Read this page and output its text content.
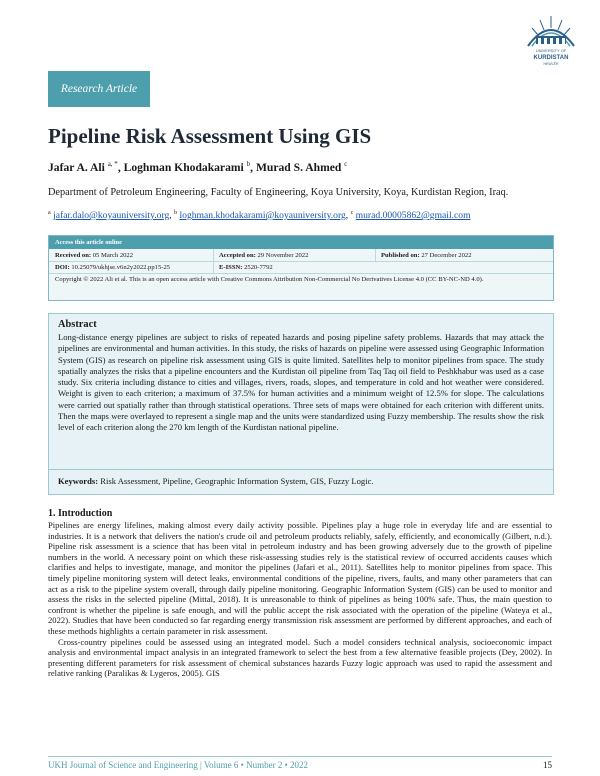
UNIVERSITY OF
KURDISTAN
HEWLÊR
Research Article
Pipeline Risk Assessment Using GIS
Jafar A. Ali $^{a, *}$, Loghman Khodakarami $^b$, Murad S. Ahmed $^c$
Department of Petroleum Engineering, Faculty of Engineering, Koya University, Koya, Kurdistan Region, Iraq.
$^a$ jafar.dalo@koyauniversity.org, $^b$ loghman.khodakarami@koyauniversity.org, $^c$ murad.00005862@gmail.com
Access this article online
Received on: 05 March 2022	Accepted on: 29 November 2022	Published on: 27 December 2022
DOI: 10.25079/ukhjse.v6n2y2022.pp15-25	E-ISSN: 2520-7792
Copyright © 2022 Ali et al. This is an open access article with Creative Commons Attribution Non-Commercial No Derivatives License 4.0 (CC BY-NC-ND 4.0).
Abstract
Long-distance energy pipelines are subject to risks of repeated hazards and posing pipeline safety problems. Hazards that may attack the pipelines are environmental and human activities. In this study, the risks of hazards on pipeline were assessed using Geographic Information System (GIS) as research on pipeline risk assessment using GIS is quite limited. Satellites help to monitor pipelines from space. The study spatially analyzes the risks that a pipeline encounters and the Kurdistan oil pipeline from Taq Taq oil field to Peshkhabur was used as a case study. Six criteria including distance to cities and villages, rivers, roads, slopes, and temperature in cold and hot weather were considered. Weight is given to each criterion; a maximum of 37.5% for human activities and a minimum weight of 12.5% for slope. The calculations were carried out spatially rather than through statistical operations. Three sets of maps were obtained for each criterion with different units. Then the maps were overlayed to represent a single map and the units were standardized using Fuzzy membership. The results show the risk level of each criterion along the 270 km length of the Kurdistan national pipeline.
Keywords: Risk Assessment, Pipeline, Geographic Information System, GIS, Fuzzy Logic.
1. Introduction

Pipelines are energy lifelines, making almost every daily activity possible. Pipelines play a huge role in everyday life and are essential to industries. It is a network that delivers the nation's crude oil and petroleum products reliably, safely, efficiently, and economically (Gilbert, n.d.). Pipeline risk assessment is a science that has been vital in petroleum industry and has been growing adversely due to the growth of pipeline numbers in the world. A necessary point on which these risk-assessing studies rely is the statistical review of occurred accidents causes which clarifies and helps to investigate, manage, and monitor the pipelines (Jafari et al., 2011). Satellites help to monitor pipelines from space. This timely pipeline monitoring system will detect leaks, environmental conditions of the pipeline, rivers, faults, and many other parameters that can act as a risk to the pipeline system overall, through daily pipeline monitoring. Geographic Information System (GIS) can be used to monitor and assess the risks in the selected pipeline (Mittal, 2018). It is unreasonable to think of pipelines as being 100% safe. Thus, the main question to confront is whether the pipeline is safe enough, and will the public accept the risk associated with the operation of the pipeline (Wateya et al., 2022). Studies that have been conducted so far regarding energy transmission risk assessment are performed by different approaches, and each of these methods highlights a certain parameter in risk assessment.

Cross-country pipelines could be assessed using an integrated model. Such a model considers technical analysis, socioeconomic impact analysis and environmental impact analysis in an integrated framework to select the best from a few alternative feasible projects (Dey, 2002). In presenting different parameters for risk assessment of chemical substances hazards Fuzzy logic approach was used to rapid the assessment and relative ranking (Paralikas & Lygeros, 2005). GIS

UKH Journal of Science and Engineering | Volume 6 • Number 2 • 2022	15
